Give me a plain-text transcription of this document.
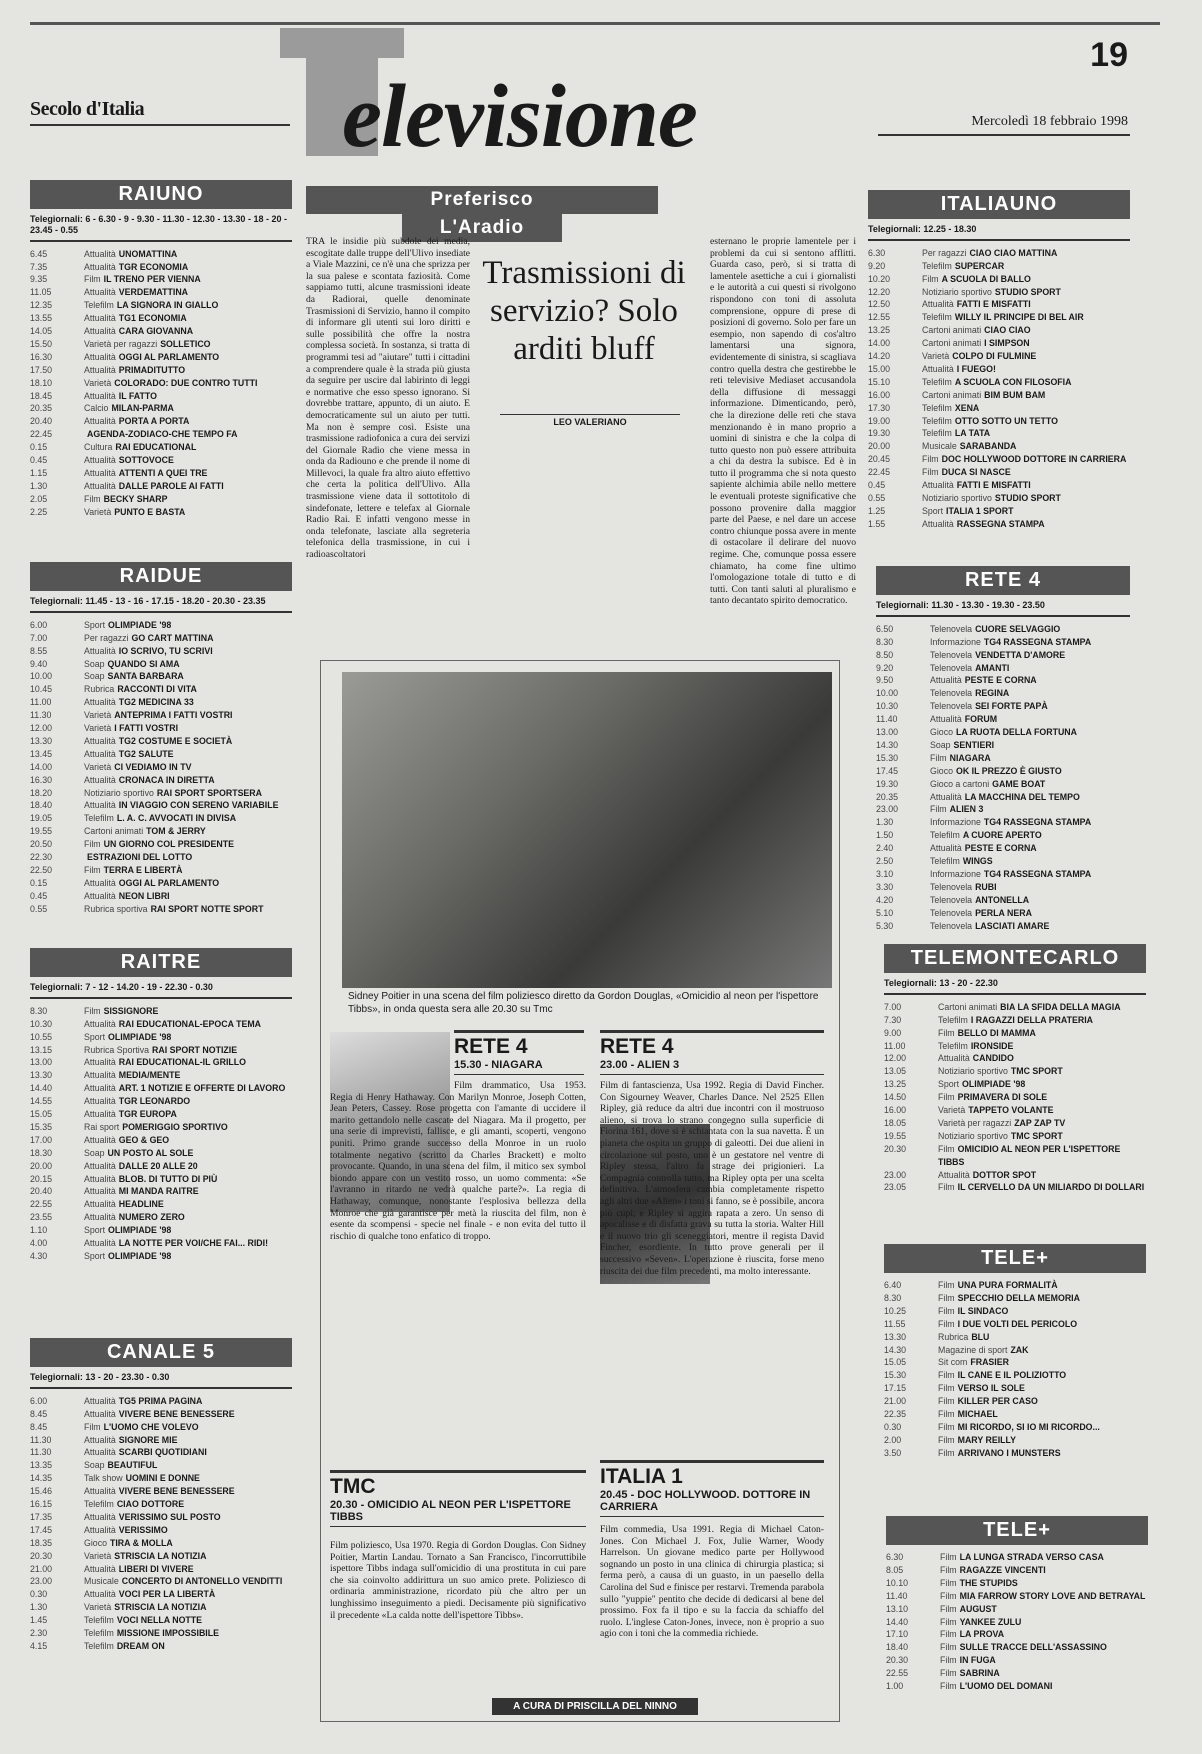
19
Secolo d'Italia elevisione	Mercoledì 18 febbraio 1998
RAIUNO
Telegiornali: 6 - 6.30 - 9 - 9.30 - 11.30 - 12.30 - 13.30 - 18 - 20 - 23.45 - 0.55
6.45	Attualità UNOMATTINA
7.35	Attualità TGR ECONOMIA
9.35	Film IL TRENO PER VIENNA
11.05	Attualità VERDEMATTINA
12.35	Telefilm LA SIGNORA IN GIALLO
13.55	Attualità TG1 ECONOMIA
14.05	Attualità CARA GIOVANNA
15.50	Varietà per ragazzi SOLLETICO
16.30	Attualità OGGI AL PARLAMENTO
17.50	Attualità PRIMADITUTTO
18.10	Varietà COLORADO: DUE CONTRO TUTTI
18.45	Attualità IL FATTO
20.35	Calcio MILAN-PARMA
20.40	Attualità PORTA A PORTA
22.45	AGENDA-ZODIACO-CHE TEMPO FA
0.15	Cultura RAI EDUCATIONAL
0.45	Attualità SOTTOVOCE
1.15	Attualità ATTENTI A QUEI TRE
1.30	Attualità DALLE PAROLE AI FATTI
2.05	Film BECKY SHARP
2.25	Varietà PUNTO E BASTA
RAIDUE
Telegiornali: 11.45 - 13 - 16 - 17.15 - 18.20 - 20.30 - 23.35
6.00	Sport OLIMPIADE '98
7.00	Per ragazzi GO CART MATTINA
8.55	Attualità IO SCRIVO, TU SCRIVI
9.40	Soap QUANDO SI AMA
10.00	Soap SANTA BARBARA
10.45	Rubrica RACCONTI DI VITA
11.00	Attualità TG2 MEDICINA 33
11.30	Varietà ANTEPRIMA I FATTI VOSTRI
12.00	Varietà I FATTI VOSTRI
13.30	Attualità TG2 COSTUME E SOCIETÀ
13.45	Attualità TG2 SALUTE
14.00	Varietà CI VEDIAMO IN TV
16.30	Attualità CRONACA IN DIRETTA
18.20	Notiziario sportivo RAI SPORT SPORTSERA
18.40	Attualità IN VIAGGIO CON SERENO VARIABILE
19.05	Telefilm L. A. C. AVVOCATI IN DIVISA
19.55	Cartoni animati TOM & JERRY
20.50	Film UN GIORNO COL PRESIDENTE
22.30	ESTRAZIONI DEL LOTTO
22.50	Film TERRA E LIBERTÀ
0.15	Attualità OGGI AL PARLAMENTO
0.45	Attualità NEON LIBRI
0.55	Rubrica sportiva RAI SPORT NOTTE SPORT
RAITRE
Telegiornali: 7 - 12 - 14.20 - 19 - 22.30 - 0.30
8.30	Film SISSIGNORE
10.30	Attualità RAI EDUCATIONAL-EPOCA TEMA
10.55	Sport OLIMPIADE '98
13.15	Rubrica Sportiva RAI SPORT NOTIZIE
13.00	Attualità RAI EDUCATIONAL-IL GRILLO
13.30	Attualità MEDIA/MENTE
14.40	Attualità ART. 1 NOTIZIE E OFFERTE DI LAVORO
14.55	Attualità TGR LEONARDO
15.05	Attualità TGR EUROPA
15.35	Rai sport POMERIGGIO SPORTIVO
17.00	Attualità GEO & GEO
18.30	Soap UN POSTO AL SOLE
20.00	Attualità DALLE 20 ALLE 20
20.15	Attualità BLOB. DI TUTTO DI PIÙ
20.40	Attualità MI MANDA RAITRE
22.55	Attualità HEADLINE
23.55	Attualità NUMERO ZERO
1.10	Sport OLIMPIADE '98
4.00	Attualità LA NOTTE PER VOI/CHE FAI... RIDI!
4.30	Sport OLIMPIADE '98
CANALE 5
Telegiornali: 13 - 20 - 23.30 - 0.30
6.00	Attualità TG5 PRIMA PAGINA
8.45	Attualità VIVERE BENE BENESSERE
8.45	Film L'UOMO CHE VOLEVO
11.30	Attualità SIGNORE MIE
11.30	Attualità SCARBI QUOTIDIANI
13.35	Soap BEAUTIFUL
14.35	Talk show UOMINI E DONNE
15.46	Attualità VIVERE BENE BENESSERE
16.15	Telefilm CIAO DOTTORE
17.35	Attualità VERISSIMO SUL POSTO
17.45	Attualità VERISSIMO
18.35	Gioco TIRA & MOLLA
20.30	Varietà STRISCIA LA NOTIZIA
21.00	Attualità LIBERI DI VIVERE
23.00	Musicale CONCERTO DI ANTONELLO VENDITTI
0.30	Attualità VOCI PER LA LIBERTÀ
1.30	Varietà STRISCIA LA NOTIZIA
1.45	Telefilm VOCI NELLA NOTTE
2.30	Telefilm MISSIONE IMPOSSIBILE
4.15	Telefilm DREAM ON
ITALIAUNO
Telegiornali: 12.25 - 18.30
6.30	Per ragazzi CIAO CIAO MATTINA
9.20	Telefilm SUPERCAR
10.20	Film A SCUOLA DI BALLO
12.20	Notiziario sportivo STUDIO SPORT
12.50	Attualità FATTI E MISFATTI
12.55	Telefilm WILLY IL PRINCIPE DI BEL AIR
13.25	Cartoni animati CIAO CIAO
14.00	Cartoni animati I SIMPSON
14.20	Varietà COLPO DI FULMINE
15.00	Attualità I FUEGO!
15.10	Telefilm A SCUOLA CON FILOSOFIA
16.00	Cartoni animati BIM BUM BAM
17.30	Telefilm XENA
19.00	Telefilm OTTO SOTTO UN TETTO
19.30	Telefilm LA TATA
20.00	Musicale SARABANDA
20.45	Film DOC HOLLYWOOD DOTTORE IN CARRIERA
22.45	Film DUCA SI NASCE
0.45	Attualità FATTI E MISFATTI
0.55	Notiziario sportivo STUDIO SPORT
1.25	Sport ITALIA 1 SPORT
1.55	Attualità RASSEGNA STAMPA
RETE 4
Telegiornali: 11.30 - 13.30 - 19.30 - 23.50
6.50	Telenovela CUORE SELVAGGIO
8.30	Informazione TG4 RASSEGNA STAMPA
8.50	Telenovela VENDETTA D'AMORE
9.20	Telenovela AMANTI
9.50	Attualità PESTE E CORNA
10.00	Telenovela REGINA
10.30	Telenovela SEI FORTE PAPÀ
11.40	Attualità FORUM
13.00	Gioco LA RUOTA DELLA FORTUNA
14.30	Soap SENTIERI
15.30	Film NIAGARA
17.45	Gioco OK IL PREZZO È GIUSTO
19.30	Gioco a cartoni GAME BOAT
20.35	Attualità LA MACCHINA DEL TEMPO
23.00	Film ALIEN 3
1.30	Informazione TG4 RASSEGNA STAMPA
1.50	Telefilm A CUORE APERTO
2.40	Attualità PESTE E CORNA
2.50	Telefilm WINGS
3.10	Informazione TG4 RASSEGNA STAMPA
3.30	Telenovela RUBI
4.20	Telenovela ANTONELLA
5.10	Telenovela PERLA NERA
5.30	Telenovela LASCIATI AMARE
TELEMONTECARLO
Telegiornali: 13 - 20 - 22.30
7.00	Cartoni animati BIA LA SFIDA DELLA MAGIA
7.30	Telefilm I RAGAZZI DELLA PRATERIA
9.00	Film BELLO DI MAMMA
11.00	Telefilm IRONSIDE
12.00	Attualità CANDIDO
13.05	Notiziario sportivo TMC SPORT
13.25	Sport OLIMPIADE '98
14.50	Film PRIMAVERA DI SOLE
16.00	Varietà TAPPETO VOLANTE
18.05	Varietà per ragazzi ZAP ZAP TV
19.55	Notiziario sportivo TMC SPORT
20.30	Film OMICIDIO AL NEON PER L'ISPETTORE TIBBS
23.00	Attualità DOTTOR SPOT
23.05	Film IL CERVELLO DA UN MILIARDO DI DOLLARI
TELE+
6.40	Film UNA PURA FORMALITÀ
8.30	Film SPECCHIO DELLA MEMORIA
10.25	Film IL SINDACO
11.55	Film I DUE VOLTI DEL PERICOLO
13.30	Rubrica BLU
14.30	Magazine di sport ZAK
15.05	Sit com FRASIER
15.30	Film IL CANE E IL POLIZIOTTO
17.15	Film VERSO IL SOLE
21.00	Film KILLER PER CASO
22.35	Film MICHAEL
0.30	Film MI RICORDO, SI IO MI RICORDO...
2.00	Film MARY REILLY
3.50	Film ARRIVANO I MUNSTERS
TELE+
6.30	Film LA LUNGA STRADA VERSO CASA
8.05	Film RAGAZZE VINCENTI
10.10	Film THE STUPIDS
11.40	Film MIA FARROW STORY LOVE AND BETRAYAL
13.10	Film AUGUST
14.40	Film YANKEE ZULU
17.10	Film LA PROVA
18.40	Film SULLE TRACCE DELL'ASSASSINO
20.30	Film IN FUGA
22.55	Film SABRINA
1.00	Film L'UOMO DEL DOMANI
Preferisco
L'Aradio
TRA le insidie più subdole dei media, escogitate dalle truppe dell'Ulivo insediate a Viale Mazzini, ce n'è una che sprizza per la sua palese e scontata faziosità. Come sappiamo tutti, alcune trasmissioni ideate da Radiorai, quelle denominate Trasmissioni di Servizio, hanno il compito di informare gli utenti sui loro diritti e sulle possibilità che offre la nostra complessa società. In sostanza, si tratta di programmi tesi ad "aiutare" tutti i cittadini a comprendere quale è la strada più giusta da seguire per uscire dal labirinto di leggi e normative che esso spesso ignorano. Si dovrebbe trattare, appunto, di un aiuto. E democraticamente sul un aiuto per tutti. Ma non è sempre così. Esiste una trasmissione radiofonica a cura dei servizi del Giornale Radio che viene messa in onda da Radiouno e che prende il nome di Millevoci, la quale fra altro aiuto effettivo che certa la politica dell'Ulivo. Alla trasmissione viene data il sottotitolo di sindefonate, lettere e telefax al Giornale Radio Rai. E infatti vengono messe in onda telefonate, lasciate alla segreteria telefonica della trasmissione, in cui i radioascoltatori
Trasmissioni di servizio? Solo arditi bluff
LEO VALERIANO
esternano le proprie lamentele per i problemi da cui si sentono afflitti. Guarda caso, però, si si tratta di lamentele asettiche a cui i giornalisti e le autorità a cui questi si rivolgono rispondono con toni di assoluta comprensione, oppure di prese di posizioni di governo. Solo per fare un esempio, non sapendo di cos'altro lamentarsi una signora, evidentemente di sinistra, si scagliava contro quella destra che gestirebbe le reti televisive Mediaset accusandola della diffusione di messaggi informazione. Dimenticando, però, che la direzione delle reti che stava menzionando è in mano proprio a uomini di sinistra e che la colpa di tutto questo non può essere attribuita a chi da destra la subisce. Ed è in tutto il programma che si nota questo sapiente alchimia abile nello mettere le eventuali proteste significative che possono provenire dalla maggior parte del Paese, e nel dare un accese contro chiunque possa avere in mente di ostacolare il delirare del nuovo regime. Che, comunque possa essere chiamato, ha come fine ultimo l'omologazione totale di tutto e di tutti. Con tanti saluti al pluralismo e tanto decantato spirito democratico.
Sidney Poitier in una scena del film poliziesco diretto da Gordon Douglas, «Omicidio al neon per l'ispettore Tibbs», in onda questa sera alle 20.30 su Tmc
RETE 4
15.30 - NIAGARA
Film drammatico, Usa 1953. Regia di Henry Hathaway. Con Marilyn Monroe, Joseph Cotten, Jean Peters, Cassey. Rose progetta con l'amante di uccidere il marito gettandolo nelle cascate del Niagara. Ma il progetto, per una serie di imprevisti, fallisce, e gli amanti, scoperti, vengono puniti. Primo grande successo della Monroe in un ruolo totalmente negativo (scritto da Charles Brackett) e molto provocante. Quando, in una scena del film, il mitico sex symbol biondo appare con un vestito rosso, un uomo commenta: «Se l'avranno in ritardo ne vedrà qualche parte?». La regia di Hathaway, comunque, nonostante l'esplosiva bellezza della Monroe che già garantisce per metà la riuscita del film, non è esente da scompensi - specie nel finale - e non evita del tutto il rischio di qualche tono enfatico di troppo.
RETE 4
23.00 - ALIEN 3
Film di fantascienza, Usa 1992. Regia di David Fincher. Con Sigourney Weaver, Charles Dance. Nel 2525 Ellen Ripley, già reduce da altri due incontri con il mostruoso alieno, si trova lo strano congegno sulla superficie di Fiorina 161, dove si è schiantata con la sua navetta. È un pianeta che ospita un gruppo di galeotti. Dei due alieni in circolazione sul posto, uno è un gestatore nel ventre di Ripley stessa, l'altro fa strage dei prigionieri. La Compagnia controlla tutto, ma Ripley opta per una scelta definitiva. L'atmosfera cambia completamente rispetto agli altri due «Alien» i toni si fanno, se è possibile, ancora più cupi, e Ripley si aggira rapata a zero. Un senso di apocalisse e di disfatta grava su tutta la storia. Walter Hill e il nuovo trio gli sceneggiatori, mentre il regista David Fincher, esordiente. In tutto prove generali per il successivo «Seven». L'operazione è riuscita, forse meno riuscita dei due film precedenti, ma molto interessante.
TMC
20.30 - OMICIDIO AL NEON PER L'ISPETTORE TIBBS
Film poliziesco, Usa 1970. Regia di Gordon Douglas. Con Sidney Poitier, Martin Landau. Tornato a San Francisco, l'incorruttibile ispettore Tibbs indaga sull'omicidio di una prostituta in cui pare che sia coinvolto addirittura un suo amico prete. Poliziesco di ordinaria amministrazione, ricordato più che altro per un lunghissimo inseguimento a piedi. Decisamente più significativo il precedente «La calda notte dell'ispettore Tibbs».
ITALIA 1
20.45 - DOC HOLLYWOOD. DOTTORE IN CARRIERA
Film commedia, Usa 1991. Regia di Michael Caton-Jones. Con Michael J. Fox, Julie Warner, Woody Harrelson. Un giovane medico parte per Hollywood sognando un posto in una clinica di chirurgia plastica; si ferma però, a causa di un guasto, in un paesello della Carolina del Sud e finisce per restarvi. Tremenda parabola sullo "yuppie" pentito che decide di dedicarsi al bene del prossimo. Fox fa il tipo e su la faccia da schiaffo del ruolo. L'inglese Caton-Jones, invece, non è proprio a suo agio con i toni che la commedia richiede.
A CURA DI PRISCILLA DEL NINNO
